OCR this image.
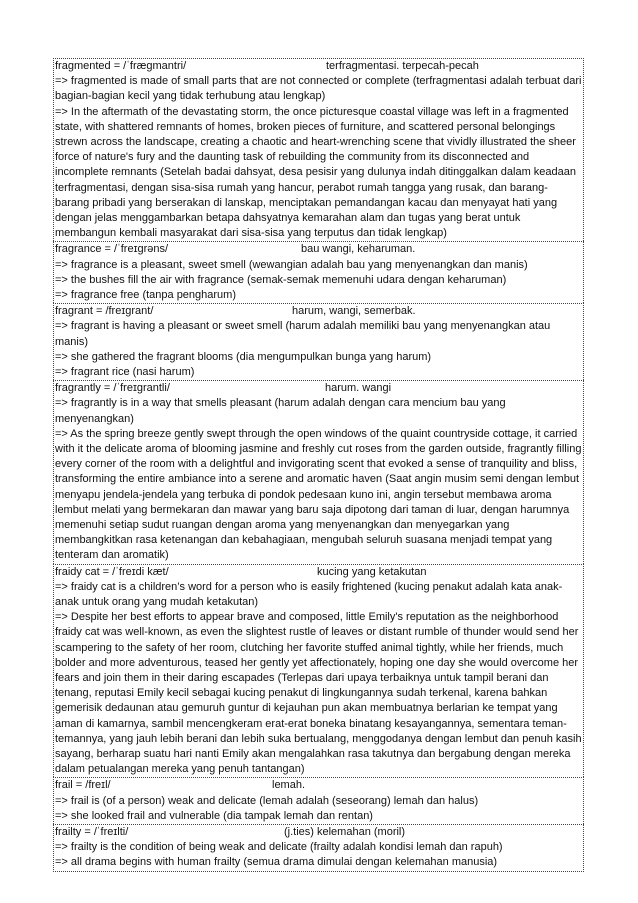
fragmented = /ˈfræɡmantri/	terfragmentasi. terpecah-pecah

=> fragmented is made of small parts that are not connected or complete (terfragmentasi adalah terbuat dari bagian-bagian kecil yang tidak terhubung atau lengkap)

=> In the aftermath of the devastating storm, the once picturesque coastal village was left in a fragmented state, with shattered remnants of homes, broken pieces of furniture, and scattered personal belongings strewn across the landscape, creating a chaotic and heart-wrenching scene that vividly illustrated the sheer force of nature's fury and the daunting task of rebuilding the community from its disconnected and incomplete remnants (Setelah badai dahsyat, desa pesisir yang dulunya indah ditinggalkan dalam keadaan terfragmentasi, dengan sisa-sisa rumah yang hancur, perabot rumah tangga yang rusak, dan barang-barang pribadi yang berserakan di lanskap, menciptakan pemandangan kacau dan menyayat hati yang dengan jelas menggambarkan betapa dahsyatnya kemarahan alam dan tugas yang berat untuk membangun kembali masyarakat dari sisa-sisa yang terputus dan tidak lengkap)

fragrance = /ˈfreɪɡrəns/	bau wangi, keharuman.

=> fragrance is a pleasant, sweet smell (wewangian adalah bau yang menyenangkan dan manis)

=> the bushes fill the air with fragrance (semak-semak memenuhi udara dengan keharuman)

=> fragrance free (tanpa pengharum)

fragrant = /freɪɡrant/	harum, wangi, semerbak.

=> fragrant is having a pleasant or sweet smell (harum adalah memiliki bau yang menyenangkan atau manis)

=> she gathered the fragrant blooms (dia mengumpulkan bunga yang harum)

=> fragrant rice (nasi harum)

fragrantly = /ˈfreɪɡrantli/	harum. wangi

=> fragrantly is in a way that smells pleasant (harum adalah dengan cara mencium bau yang menyenangkan)

=> As the spring breeze gently swept through the open windows of the quaint countryside cottage, it carried with it the delicate aroma of blooming jasmine and freshly cut roses from the garden outside, fragrantly filling every corner of the room with a delightful and invigorating scent that evoked a sense of tranquility and bliss, transforming the entire ambiance into a serene and aromatic haven (Saat angin musim semi dengan lembut menyapu jendela-jendela yang terbuka di pondok pedesaan kuno ini, angin tersebut membawa aroma lembut melati yang bermekaran dan mawar yang baru saja dipotong dari taman di luar, dengan harumnya memenuhi setiap sudut ruangan dengan aroma yang menyenangkan dan menyegarkan yang membangkitkan rasa ketenangan dan kebahagiaan, mengubah seluruh suasana menjadi tempat yang tenteram dan aromatik)

fraidy cat = /ˈfreɪdi kæt/	kucing yang ketakutan

=> fraidy cat is a children’s word for a person who is easily frightened (kucing penakut adalah kata anak-anak untuk orang yang mudah ketakutan)

=> Despite her best efforts to appear brave and composed, little Emily's reputation as the neighborhood fraidy cat was well-known, as even the slightest rustle of leaves or distant rumble of thunder would send her scampering to the safety of her room, clutching her favorite stuffed animal tightly, while her friends, much bolder and more adventurous, teased her gently yet affectionately, hoping one day she would overcome her fears and join them in their daring escapades (Terlepas dari upaya terbaiknya untuk tampil berani dan tenang, reputasi Emily kecil sebagai kucing penakut di lingkungannya sudah terkenal, karena bahkan gemerisik dedaunan atau gemuruh guntur di kejauhan pun akan membuatnya berlarian ke tempat yang aman di kamarnya, sambil mencengkeram erat-erat boneka binatang kesayangannya, sementara teman-temannya, yang jauh lebih berani dan lebih suka bertualang, menggodanya dengan lembut dan penuh kasih sayang, berharap suatu hari nanti Emily akan mengalahkan rasa takutnya dan bergabung dengan mereka dalam petualangan mereka yang penuh tantangan)

frail = /freɪl/	lemah.

=> frail is (of a person) weak and delicate (lemah adalah (seseorang) lemah dan halus)

=> she looked frail and vulnerable (dia tampak lemah dan rentan)

frailty = /ˈfreɪlti/	(j.ties) kelemahan (moril)

=> frailty is the condition of being weak and delicate (frailty adalah kondisi lemah dan rapuh)

=> all drama begins with human frailty (semua drama dimulai dengan kelemahan manusia)
